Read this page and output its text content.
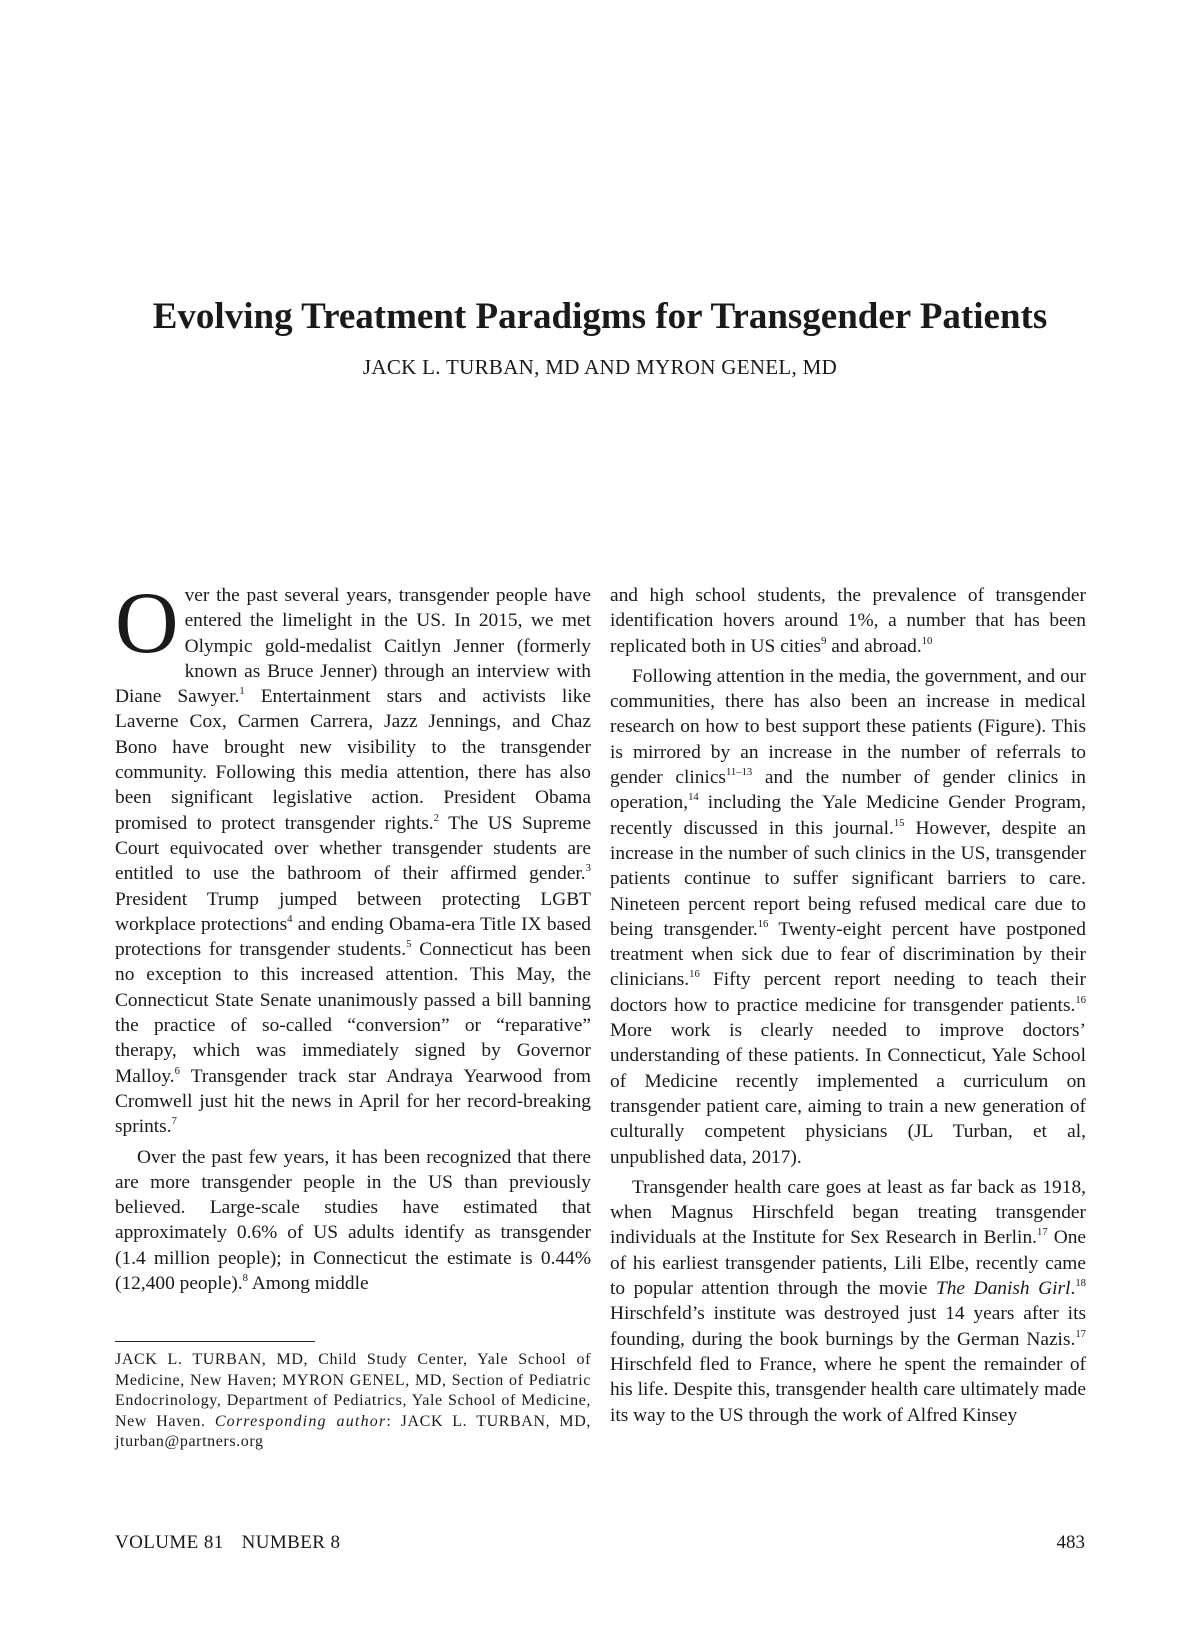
Evolving Treatment Paradigms for Transgender Patients
JACK L. TURBAN, MD AND MYRON GENEL, MD

Over the past several years, transgender people have entered the limelight in the US. In 2015, we met Olympic gold-medalist Caitlyn Jenner (formerly known as Bruce Jenner) through an interview with Diane Sawyer.$^1$ Entertainment stars and activists like Laverne Cox, Carmen Carrera, Jazz Jennings, and Chaz Bono have brought new visibility to the transgender community. Following this media attention, there has also been significant legislative action. President Obama promised to protect transgender rights.$^2$ The US Supreme Court equivocated over whether transgender students are entitled to use the bathroom of their affirmed gender.$^3$ President Trump jumped between protecting LGBT workplace protections$^4$ and ending Obama-era Title IX based protections for transgender students.$^5$ Connecticut has been no exception to this increased attention. This May, the Connecticut State Senate unanimously passed a bill banning the practice of so-called “conversion” or “reparative” therapy, which was immediately signed by Governor Malloy.$^6$ Transgender track star Andraya Yearwood from Cromwell just hit the news in April for her record-breaking sprints.$^7$

Over the past few years, it has been recognized that there are more transgender people in the US than previously believed. Large-scale studies have estimated that approximately 0.6% of US adults identify as transgender (1.4 million people); in Connecticut the estimate is 0.44% (12,400 people).$^8$ Among middle

and high school students, the prevalence of transgender identification hovers around 1%, a number that has been replicated both in US cities$^9$ and abroad.$^{10}$

Following attention in the media, the government, and our communities, there has also been an increase in medical research on how to best support these patients (Figure). This is mirrored by an increase in the number of referrals to gender clinics$^{11-13}$ and the number of gender clinics in operation,$^{14}$ including the Yale Medicine Gender Program, recently discussed in this journal.$^{15}$ However, despite an increase in the number of such clinics in the US, transgender patients continue to suffer significant barriers to care. Nineteen percent report being refused medical care due to being transgender.$^{16}$ Twenty-eight percent have postponed treatment when sick due to fear of discrimination by their clinicians.$^{16}$ Fifty percent report needing to teach their doctors how to practice medicine for transgender patients.$^{16}$ More work is clearly needed to improve doctors’ understanding of these patients. In Connecticut, Yale School of Medicine recently implemented a curriculum on transgender patient care, aiming to train a new generation of culturally competent physicians (JL Turban, et al, unpublished data, 2017).

Transgender health care goes at least as far back as 1918, when Magnus Hirschfeld began treating transgender individuals at the Institute for Sex Research in Berlin.$^{17}$ One of his earliest transgender patients, Lili Elbe, recently came to popular attention through the movie The Danish Girl.$^{18}$ Hirschfeld’s institute was destroyed just 14 years after its founding, during the book burnings by the German Nazis.$^{17}$ Hirschfeld fled to France, where he spent the remainder of his life. Despite this, transgender health care ultimately made its way to the US through the work of Alfred Kinsey

JACK L. TURBAN, MD, Child Study Center, Yale School of Medicine, New Haven; MYRON GENEL, MD, Section of Pediatric Endocrinology, Department of Pediatrics, Yale School of Medicine, New Haven. Corresponding author: JACK L. TURBAN, MD, jturban@partners.org
VOLUME 81 NUMBER 8	483
